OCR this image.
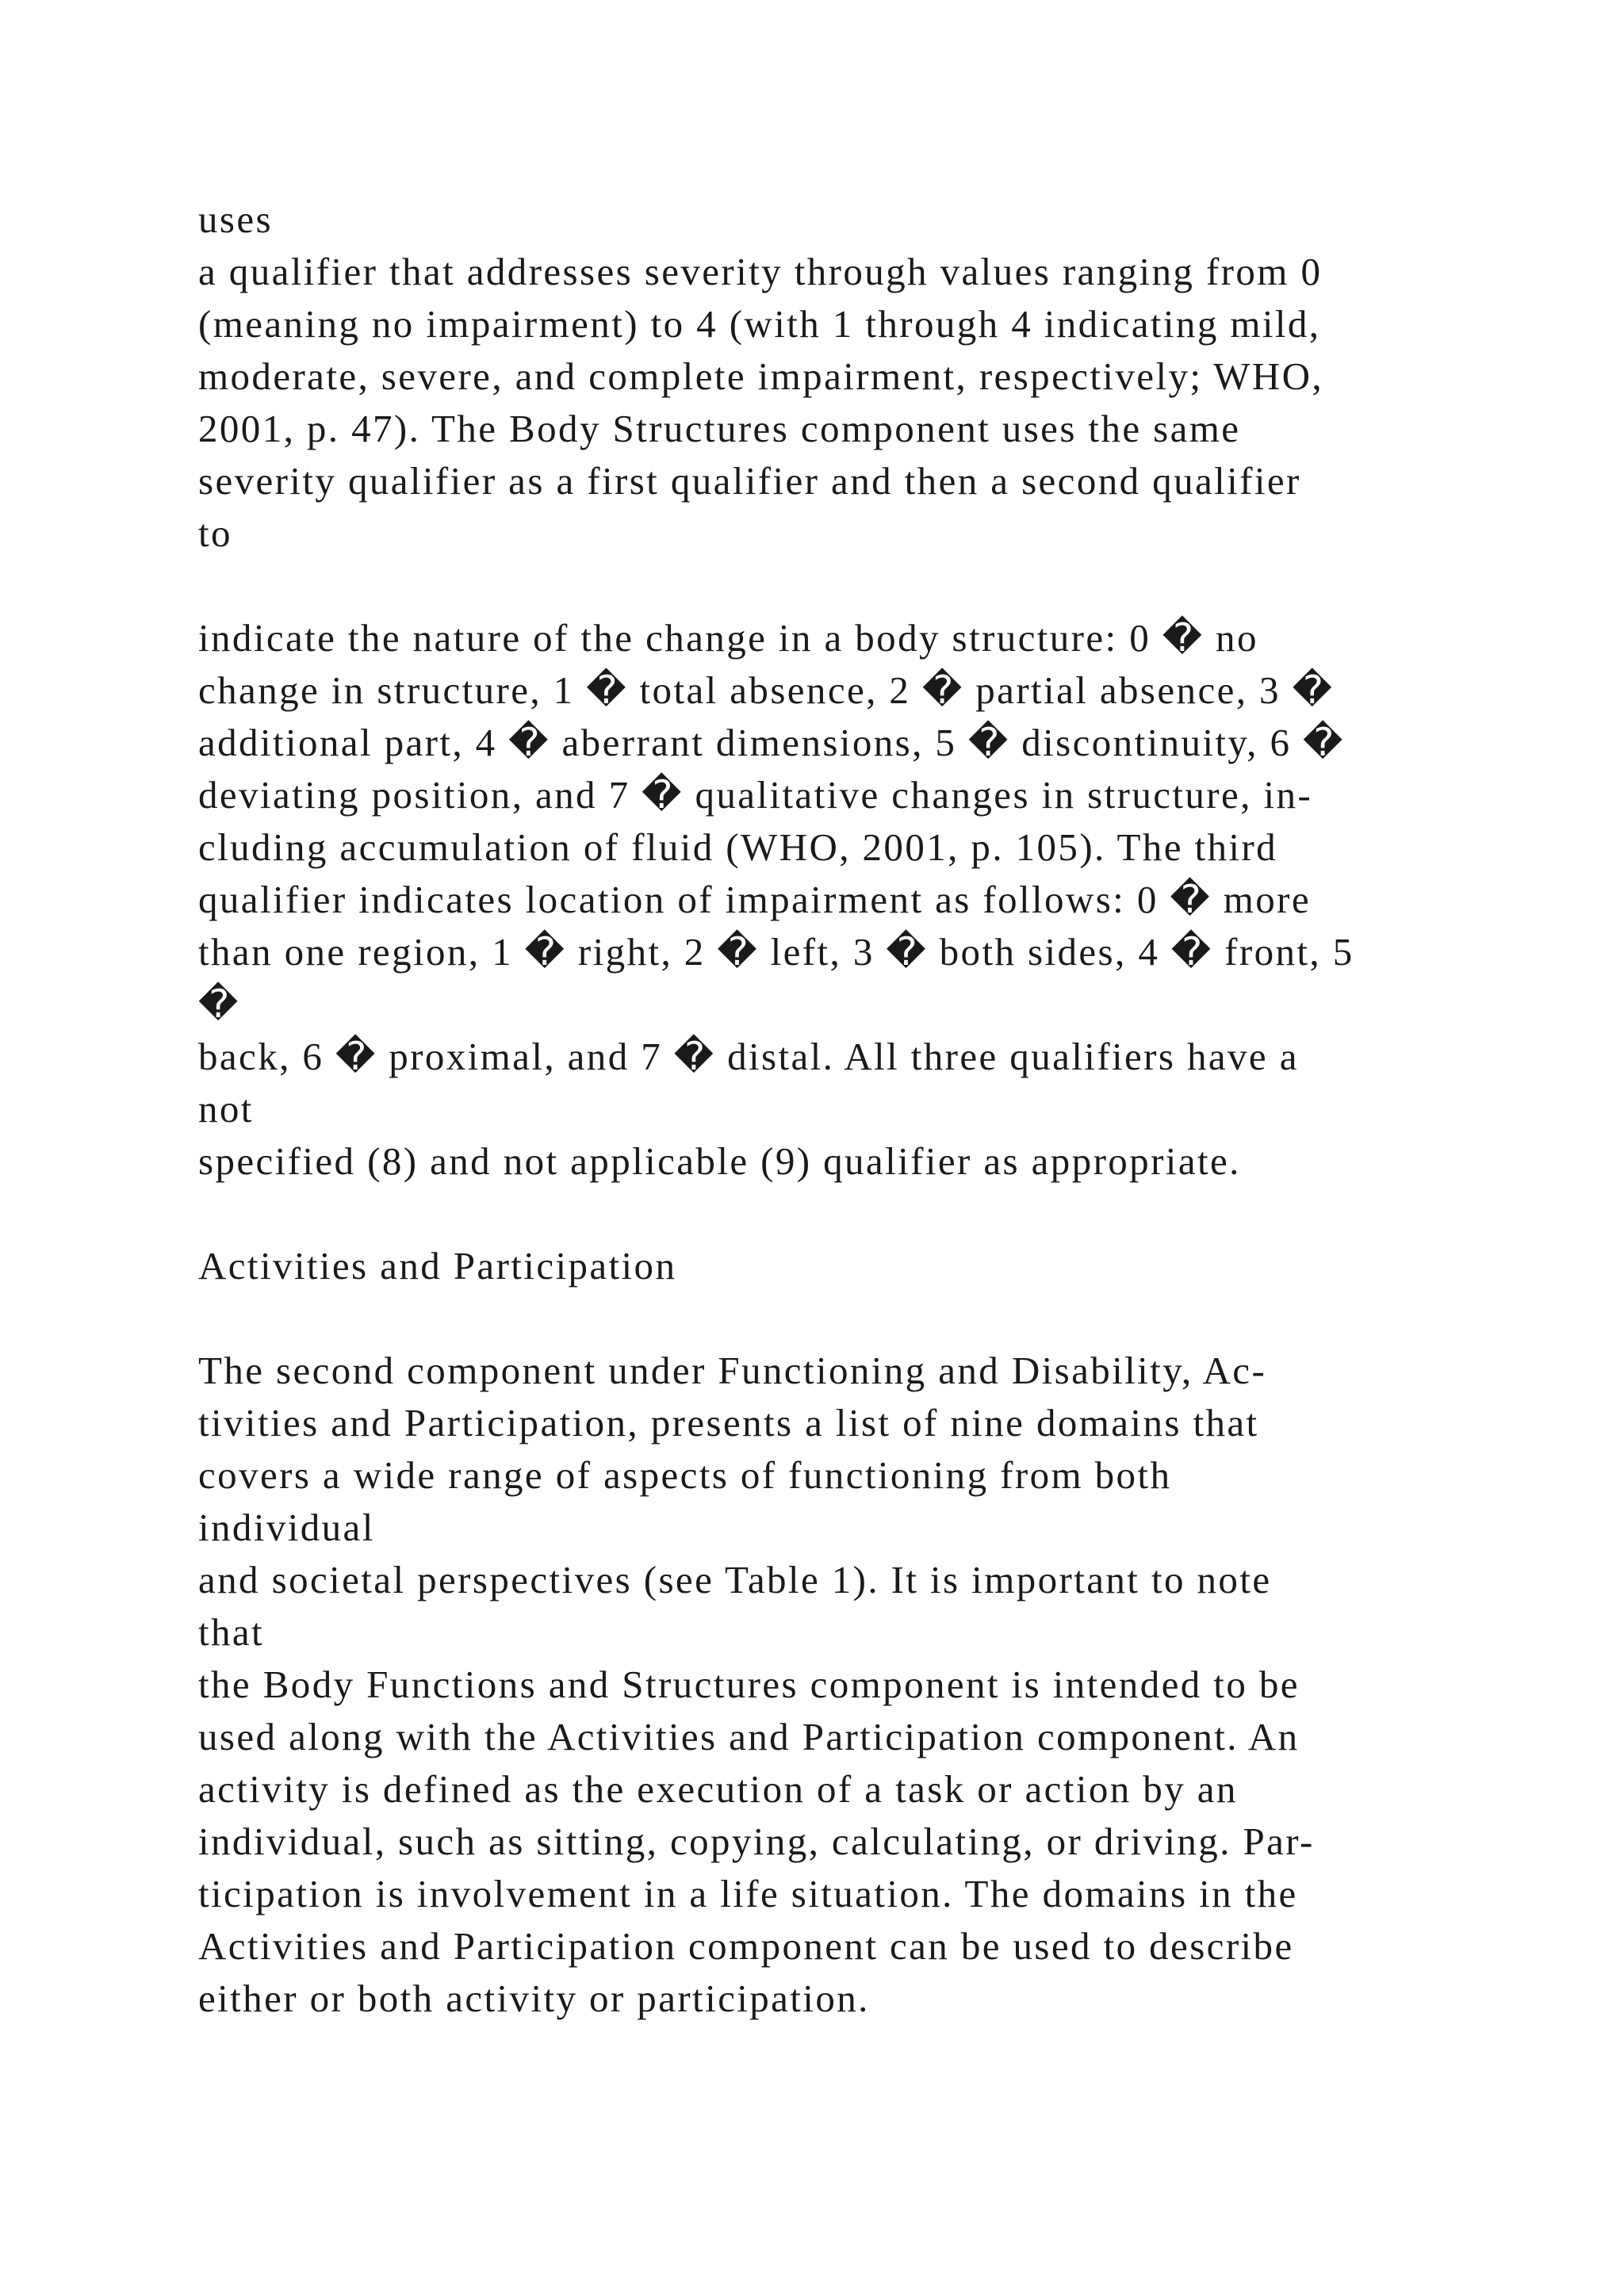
uses
a qualifier that addresses severity through values ranging from 0
(meaning no impairment) to 4 (with 1 through 4 indicating mild,
moderate, severe, and complete impairment, respectively; WHO,
2001, p. 47). The Body Structures component uses the same
severity qualifier as a first qualifier and then a second qualifier
to
indicate the nature of the change in a body structure: 0 � no
change in structure, 1 � total absence, 2 � partial absence, 3 �
additional part, 4 � aberrant dimensions, 5 � discontinuity, 6 �
deviating position, and 7 � qualitative changes in structure, in-
cluding accumulation of fluid (WHO, 2001, p. 105). The third
qualifier indicates location of impairment as follows: 0 � more
than one region, 1 � right, 2 � left, 3 � both sides, 4 � front, 5
�
back, 6 � proximal, and 7 � distal. All three qualifiers have a
not
specified (8) and not applicable (9) qualifier as appropriate.
Activities and Participation
The second component under Functioning and Disability, Ac-
tivities and Participation, presents a list of nine domains that
covers a wide range of aspects of functioning from both
individual
and societal perspectives (see Table 1). It is important to note
that
the Body Functions and Structures component is intended to be
used along with the Activities and Participation component. An
activity is defined as the execution of a task or action by an
individual, such as sitting, copying, calculating, or driving. Par-
ticipation is involvement in a life situation. The domains in the
Activities and Participation component can be used to describe
either or both activity or participation.
